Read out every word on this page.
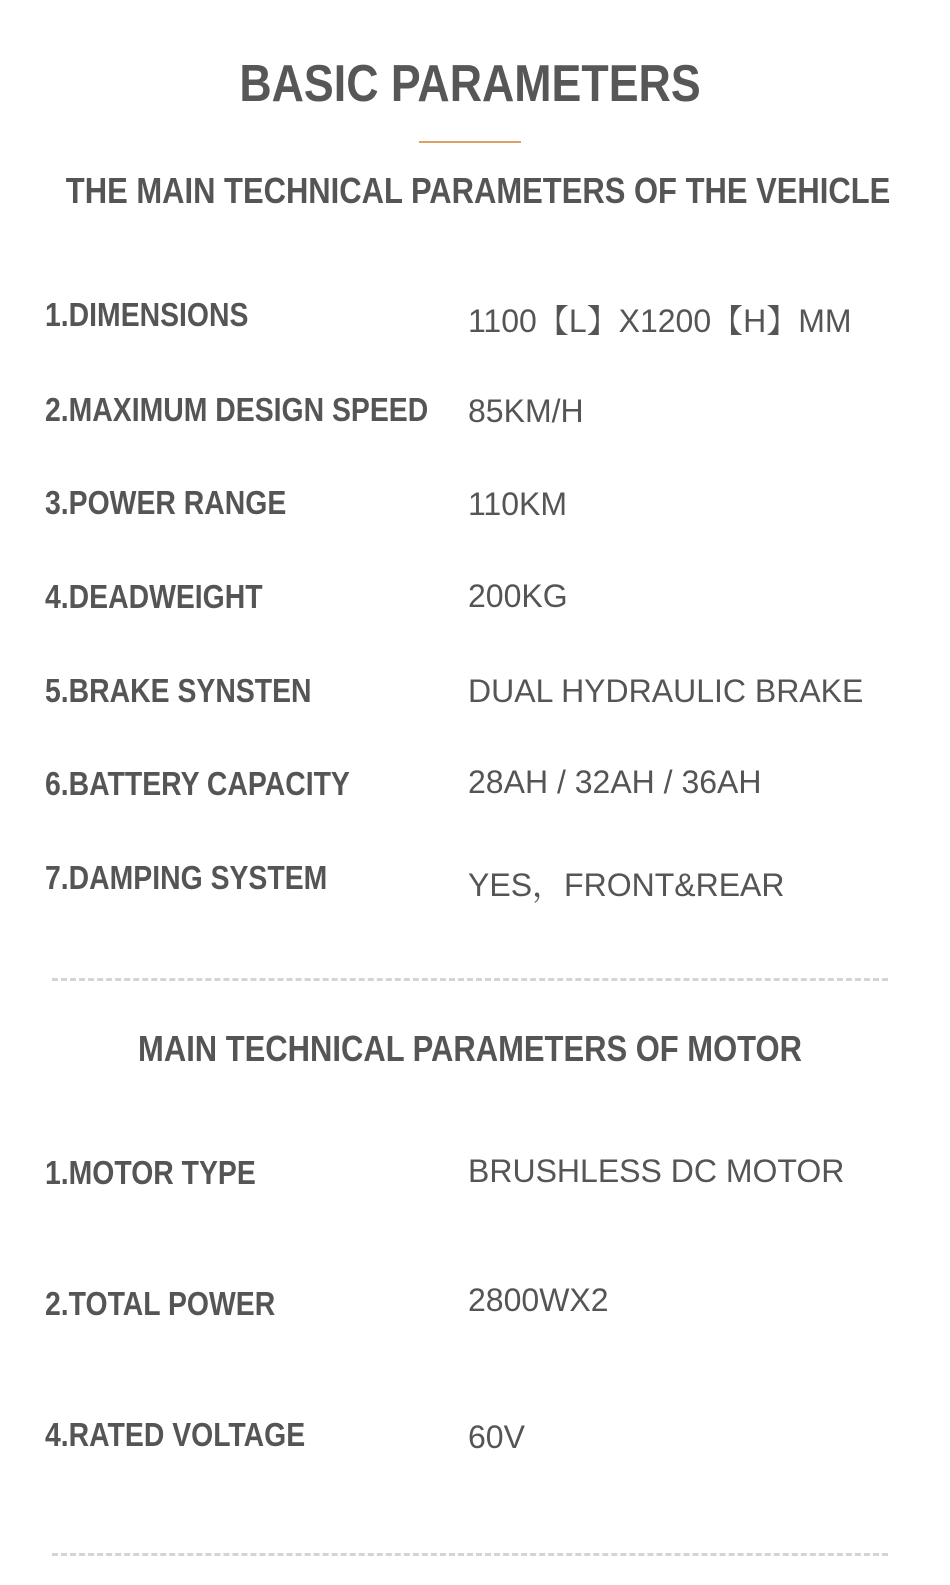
BASIC PARAMETERS
THE MAIN TECHNICAL PARAMETERS OF THE VEHICLE
1.DIMENSIONS	1100【L】X1200【H】MM
2.MAXIMUM DESIGN SPEED 85KM/H
3.POWER RANGE	110KM
4.DEADWEIGHT	200KG
5.BRAKE SYNSTEN	DUAL HYDRAULIC BRAKE
6.BATTERY CAPACITY	28AH / 32AH / 36AH
7.DAMPING SYSTEM	YES，FRONT&REAR
MAIN TECHNICAL PARAMETERS OF MOTOR
1.MOTOR TYPE	BRUSHLESS DC MOTOR
2.TOTAL POWER	2800WX2
4.RATED VOLTAGE	60V
